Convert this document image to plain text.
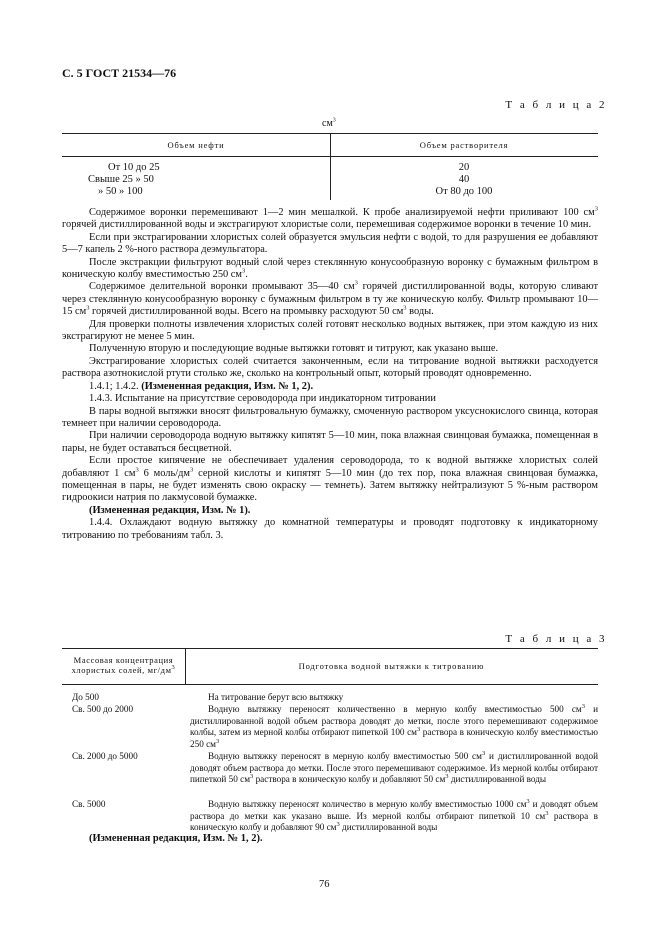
С. 5 ГОСТ 21534—76
Т а б л и ц а 2
$см^3$
Объем нефти	Объем растворителя
От 10 до 25	20
Свыше 25 » 50	40
» 50 » 100	От 80 до 100

Содержимое воронки перемешивают 1—2 мин мешалкой. К пробе анализируемой нефти приливают 100 $см^3$ горячей дистиллированной воды и экстрагируют хлористые соли, перемешивая содержимое воронки в течение 10 мин.

Если при экстрагировании хлористых солей образуется эмульсия нефти с водой, то для разрушения ее добавляют 5—7 капель 2 %-ного раствора деэмульгатора.

После экстракции фильтруют водный слой через стеклянную конусообразную воронку с бумажным фильтром в коническую колбу вместимостью 250 $см^3$.

Содержимое делительной воронки промывают 35—40 $см^3$ горячей дистиллированной воды, которую сливают через стеклянную конусообразную воронку с бумажным фильтром в ту же коническую колбу. Фильтр промывают 10—15 $см^3$ горячей дистиллированной воды. Всего на промывку расходуют 50 $см^3$ воды.

Для проверки полноты извлечения хлористых солей готовят несколько водных вытяжек, при этом каждую из них экстрагируют не менее 5 мин.

Полученную вторую и последующие водные вытяжки готовят и титруют, как указано выше.

Экстрагирование хлористых солей считается законченным, если на титрование водной вытяжки расходуется раствора азотнокислой ртути столько же, сколько на контрольный опыт, который проводят одновременно.

1.4.1; 1.4.2. (Измененная редакция, Изм. № 1, 2).

1.4.3. Испытание на присутствие сероводорода при индикаторном титровании

В пары водной вытяжки вносят фильтровальную бумажку, смоченную раствором уксуснокислого свинца, которая темнеет при наличии сероводорода.

При наличии сероводорода водную вытяжку кипятят 5—10 мин, пока влажная свинцовая бумажка, помещенная в пары, не будет оставаться бесцветной.

Если простое кипячение не обеспечивает удаления сероводорода, то к водной вытяжке хлористых солей добавляют 1 $см^3$ 6 моль/$дм^3$ серной кислоты и кипятят 5—10 мин (до тех пор, пока влажная свинцовая бумажка, помещенная в пары, не будет изменять свою окраску — темнеть). Затем вытяжку нейтрализуют 5 %-ным раствором гидроокиси натрия по лакмусовой бумажке.

(Измененная редакция, Изм. № 1).

1.4.4. Охлаждают водную вытяжку до комнатной температуры и проводят подготовку к индикаторному титрованию по требованиям табл. 3.

Т а б л и ц а 3
Массовая концентрация
хлористых солей, $мг/дм^3$	Подготовка водной вытяжки к титрованию
До 500	На титрование берут всю вытяжку

Св. 500 до 2000	Водную вытяжку переносят количественно в мерную колбу вместимостью 500 $см^3$ и дистиллированной водой объем раствора доводят до метки, после этого перемешивают содержимое колбы, затем из мерной колбы отбирают пипеткой 100 $см^3$ раствора в коническую колбу вместимостью 250 $см^3$

Св. 2000 до 5000	Водную вытяжку переносят в мерную колбу вместимостью 500 $см^3$ и дистиллированной водой доводят объем раствора до метки. После этого перемешивают содержимое. Из мерной колбы отбирают пипеткой 50 $см^3$ раствора в коническую колбу и добавляют 50 $см^3$ дистиллированной воды

Св. 5000	Водную вытяжку переносят количество в мерную колбу вместимостью 1000 $см^3$ и доводят объем раствора до метки как указано выше. Из мерной колбы отбирают пипеткой 10 $см^3$ раствора в коническую колбу и добавляют 90 $см^3$ дистиллированной воды

(Измененная редакция, Изм. № 1, 2).
76
